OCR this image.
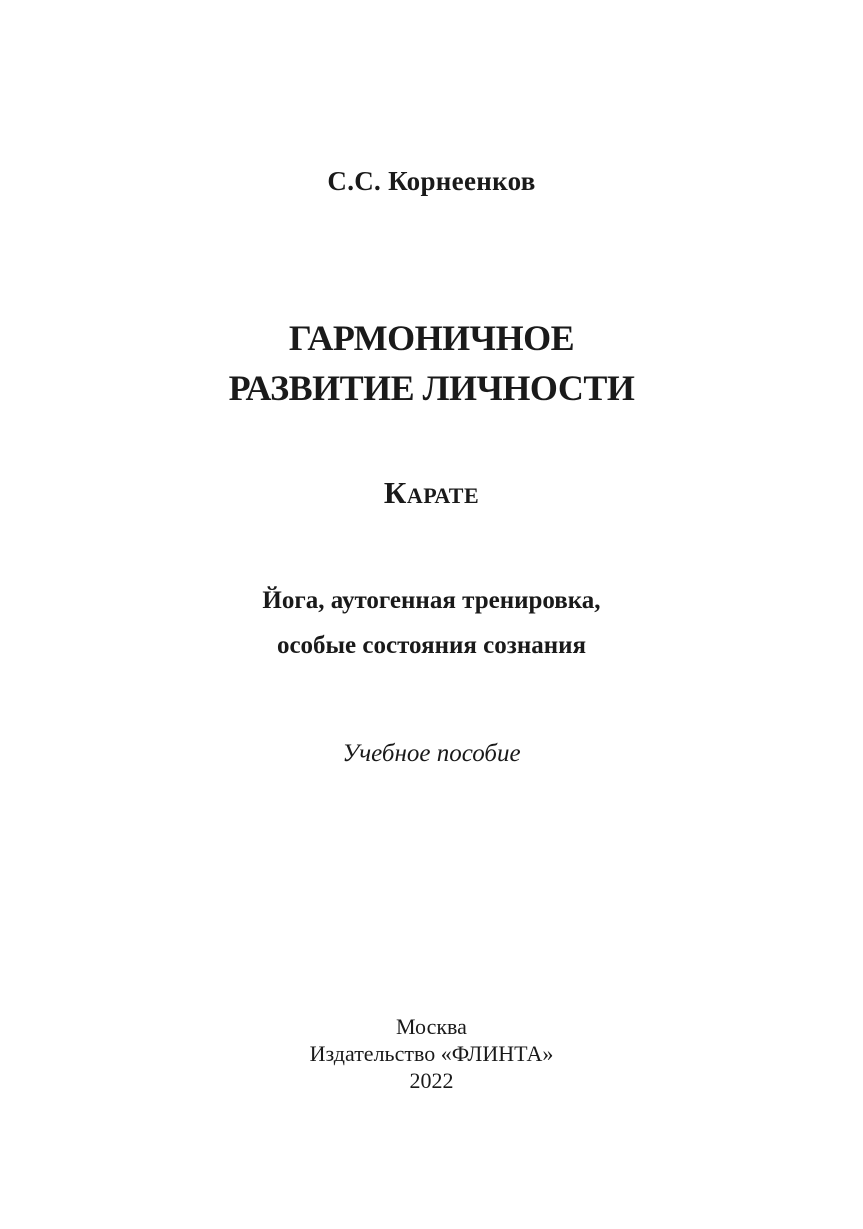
С.С. Корнеенков
ГАРМОНИЧНОЕ
РАЗВИТИЕ ЛИЧНОСТИ
Карате
Йога, аутогенная тренировка,
особые состояния сознания
Учебное пособие
Москва
Издательство «ФЛИНТА»
2022
